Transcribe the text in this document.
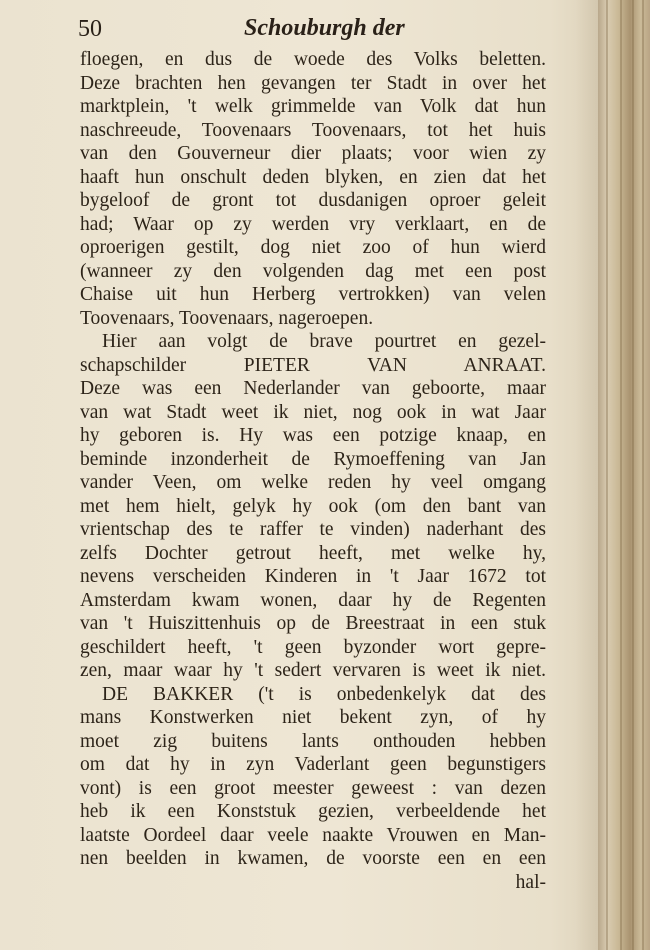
50	Schouburgh der
floegen, en dus de woede des Volks beletten.
Deze brachten hen gevangen ter Stadt in over het
marktplein, 't welk grimmelde van Volk dat hun
naschreeude, Toovenaars Toovenaars, tot het huis
van den Gouverneur dier plaats; voor wien zy
haaft hun onschult deden blyken, en zien dat het
bygeloof de gront tot dusdanigen oproer geleit
had; Waar op zy werden vry verklaart, en de
oproerigen gestilt, dog niet zoo of hun wierd
(wanneer zy den volgenden dag met een post
Chaise uit hun Herberg vertrokken) van velen
Toovenaars, Toovenaars, nageroepen.
Hier aan volgt de brave pourtret en gezel-
schapschilder PIETER VAN ANRAAT.
Deze was een Nederlander van geboorte, maar
van wat Stadt weet ik niet, nog ook in wat Jaar
hy geboren is. Hy was een potzige knaap, en
beminde inzonderheit de Rymoeffening van Jan
vander Veen, om welke reden hy veel omgang
met hem hielt, gelyk hy ook (om den bant van
vrientschap des te raffer te vinden) naderhant des
zelfs Dochter getrout heeft, met welke hy,
nevens verscheiden Kinderen in 't Jaar 1672 tot
Amsterdam kwam wonen, daar hy de Regenten
van 't Huiszittenhuis op de Breestraat in een stuk
geschildert heeft, 't geen byzonder wort gepre-
zen, maar waar hy 't sedert vervaren is weet ik niet.
DE BAKKER ('t is onbedenkelyk dat des
mans Konstwerken niet bekent zyn, of hy
moet zig buitens lants onthouden hebben
om dat hy in zyn Vaderlant geen begunstigers
vont) is een groot meester geweest : van dezen
heb ik een Konststuk gezien, verbeeldende het
laatste Oordeel daar veele naakte Vrouwen en Man-
nen beelden in kwamen, de voorste een en een
hal-
